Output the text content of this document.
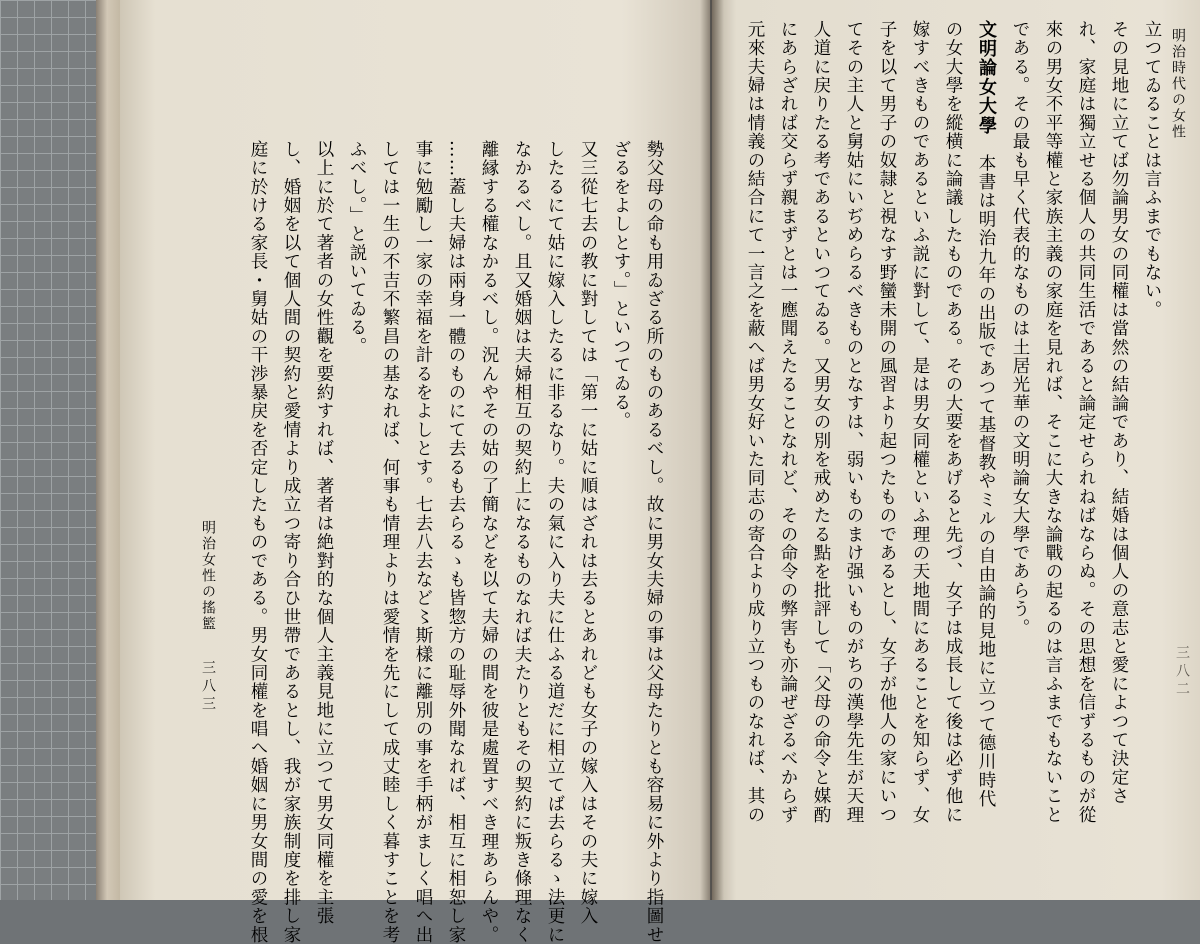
明治時代の女性
三八二
立つてゐることは言ふまでもない。
その見地に立てば勿論男女の同權は當然の結論であり、結婚は個人の意志と愛によつて決定さ
れ、家庭は獨立せる個人の共同生活であると論定せられねばならぬ。その思想を信ずるものが從
來の男女不平等權と家族主義の家庭を見れば、そこに大きな論戰の起るのは言ふまでもないこと
である。その最も早く代表的なものは土居光華の文明論女大學であらう。
文明論女大學　本書は明治九年の出版であつて基督教やミルの自由論的見地に立つて德川時代
の女大學を縱横に論議したものである。その大要をあげると先づ、女子は成長して後は必ず他に
嫁すべきものであるといふ説に對して、是は男女同權といふ理の天地間にあることを知らず、女
子を以て男子の奴隷と視なす野蠻未開の風習より起つたものであるとし、女子が他人の家にいつ
てその主人と舅姑にいぢめらるべきものとなすは、弱いものまけ强いものがちの漢學先生が天理
人道に戻りたる考であるといつてゐる。又男女の別を戒めたる點を批評して「父母の命令と媒酌
にあらざれば交らず親まずとは一應聞えたることなれど、その命令の弊害も亦論ぜざるべからず
元來夫婦は情義の結合にて一言之を蔽へば男女好いた同志の寄合より成り立つものなれば、其の
勢父母の命も用ゐざる所のものあるべし。故に男女夫婦の事は父母たりとも容易に外より指圖せ
ざるをよしとす。」といつてゐる。
又三從七去の教に對しては「第一に姑に順はざれは去るとあれども女子の嫁入はその夫に嫁入
したるにて姑に嫁入したるに非るなり。夫の氣に入り夫に仕ふる道だに相立てば去らるゝ法更に
なかるべし。且又婚姻は夫婦相互の契約上になるものなれば夫たりともその契約に叛き條理なく
離縁する權なかるべし。況んやその姑の了簡などを以て夫婦の間を彼是處置すべき理あらんや。
……蓋し夫婦は兩身一體のものにて去るも去らるゝも皆惣方の耻辱外聞なれば、相互に相恕し家
事に勉勵し一家の幸福を計るをよしとす。七去八去など〻斯樣に離別の事を手柄がましく唱へ出
しては一生の不吉不繁昌の基なれば、何事も情理よりは愛情を先にして成丈睦しく暮すことを考
ふべし。」と説いてゐる。
以上に於て著者の女性觀を要約すれば、著者は絶對的な個人主義見地に立つて男女同權を主張
し、婚姻を以て個人間の契約と愛情より成立つ寄り合ひ世帶であるとし、我が家族制度を排し家
庭に於ける家長・舅姑の干渉暴戻を否定したものである。男女同權を唱へ婚姻に男女間の愛を根
明治女性の搖籃
三八三
